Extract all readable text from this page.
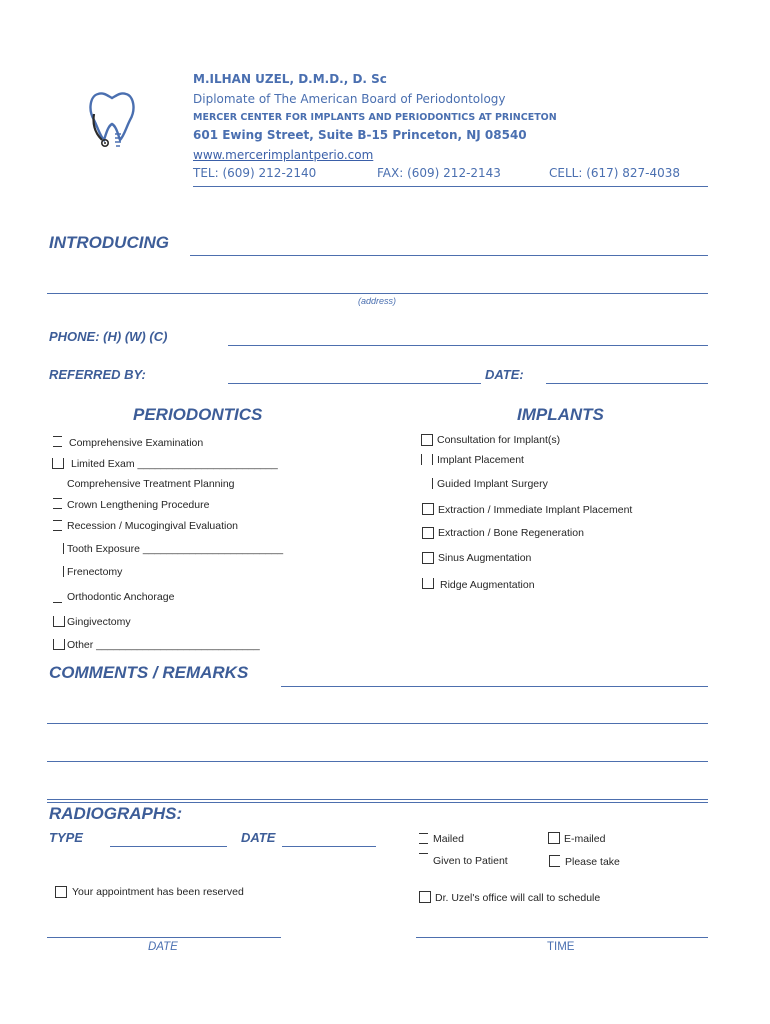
M.ILHAN UZEL, D.M.D., D. Sc
Diplomate of The American Board of Periodontology
MERCER CENTER FOR IMPLANTS AND PERIODONTICS AT PRINCETON
601 Ewing Street, Suite B-15 Princeton, NJ 08540
www.mercerimplantperio.com
TEL: (609) 212-2140	FAX: (609) 212-2143	CELL: (617) 827-4038
INTRODUCING
(address)
PHONE: (H) (W) (C)
REFERRED BY:	DATE:
PERIODONTICS
Comprehensive Examination
Limited Exam ________________________
Comprehensive Treatment Planning
Crown Lengthening Procedure
Recession / Mucogingival Evaluation
Tooth Exposure ________________________
Frenectomy
Orthodontic Anchorage
Gingivectomy
Other ____________________________
IMPLANTS
Consultation for Implant(s)
Implant Placement
Guided Implant Surgery
Extraction / Immediate Implant Placement
Extraction / Bone Regeneration
Sinus Augmentation
Ridge Augmentation
COMMENTS / REMARKS
RADIOGRAPHS:
TYPE	DATE	Mailed	E-mailed
Given to Patient	Please take
Your appointment has been reserved	Dr. Uzel's office will call to schedule
DATE	TIME
